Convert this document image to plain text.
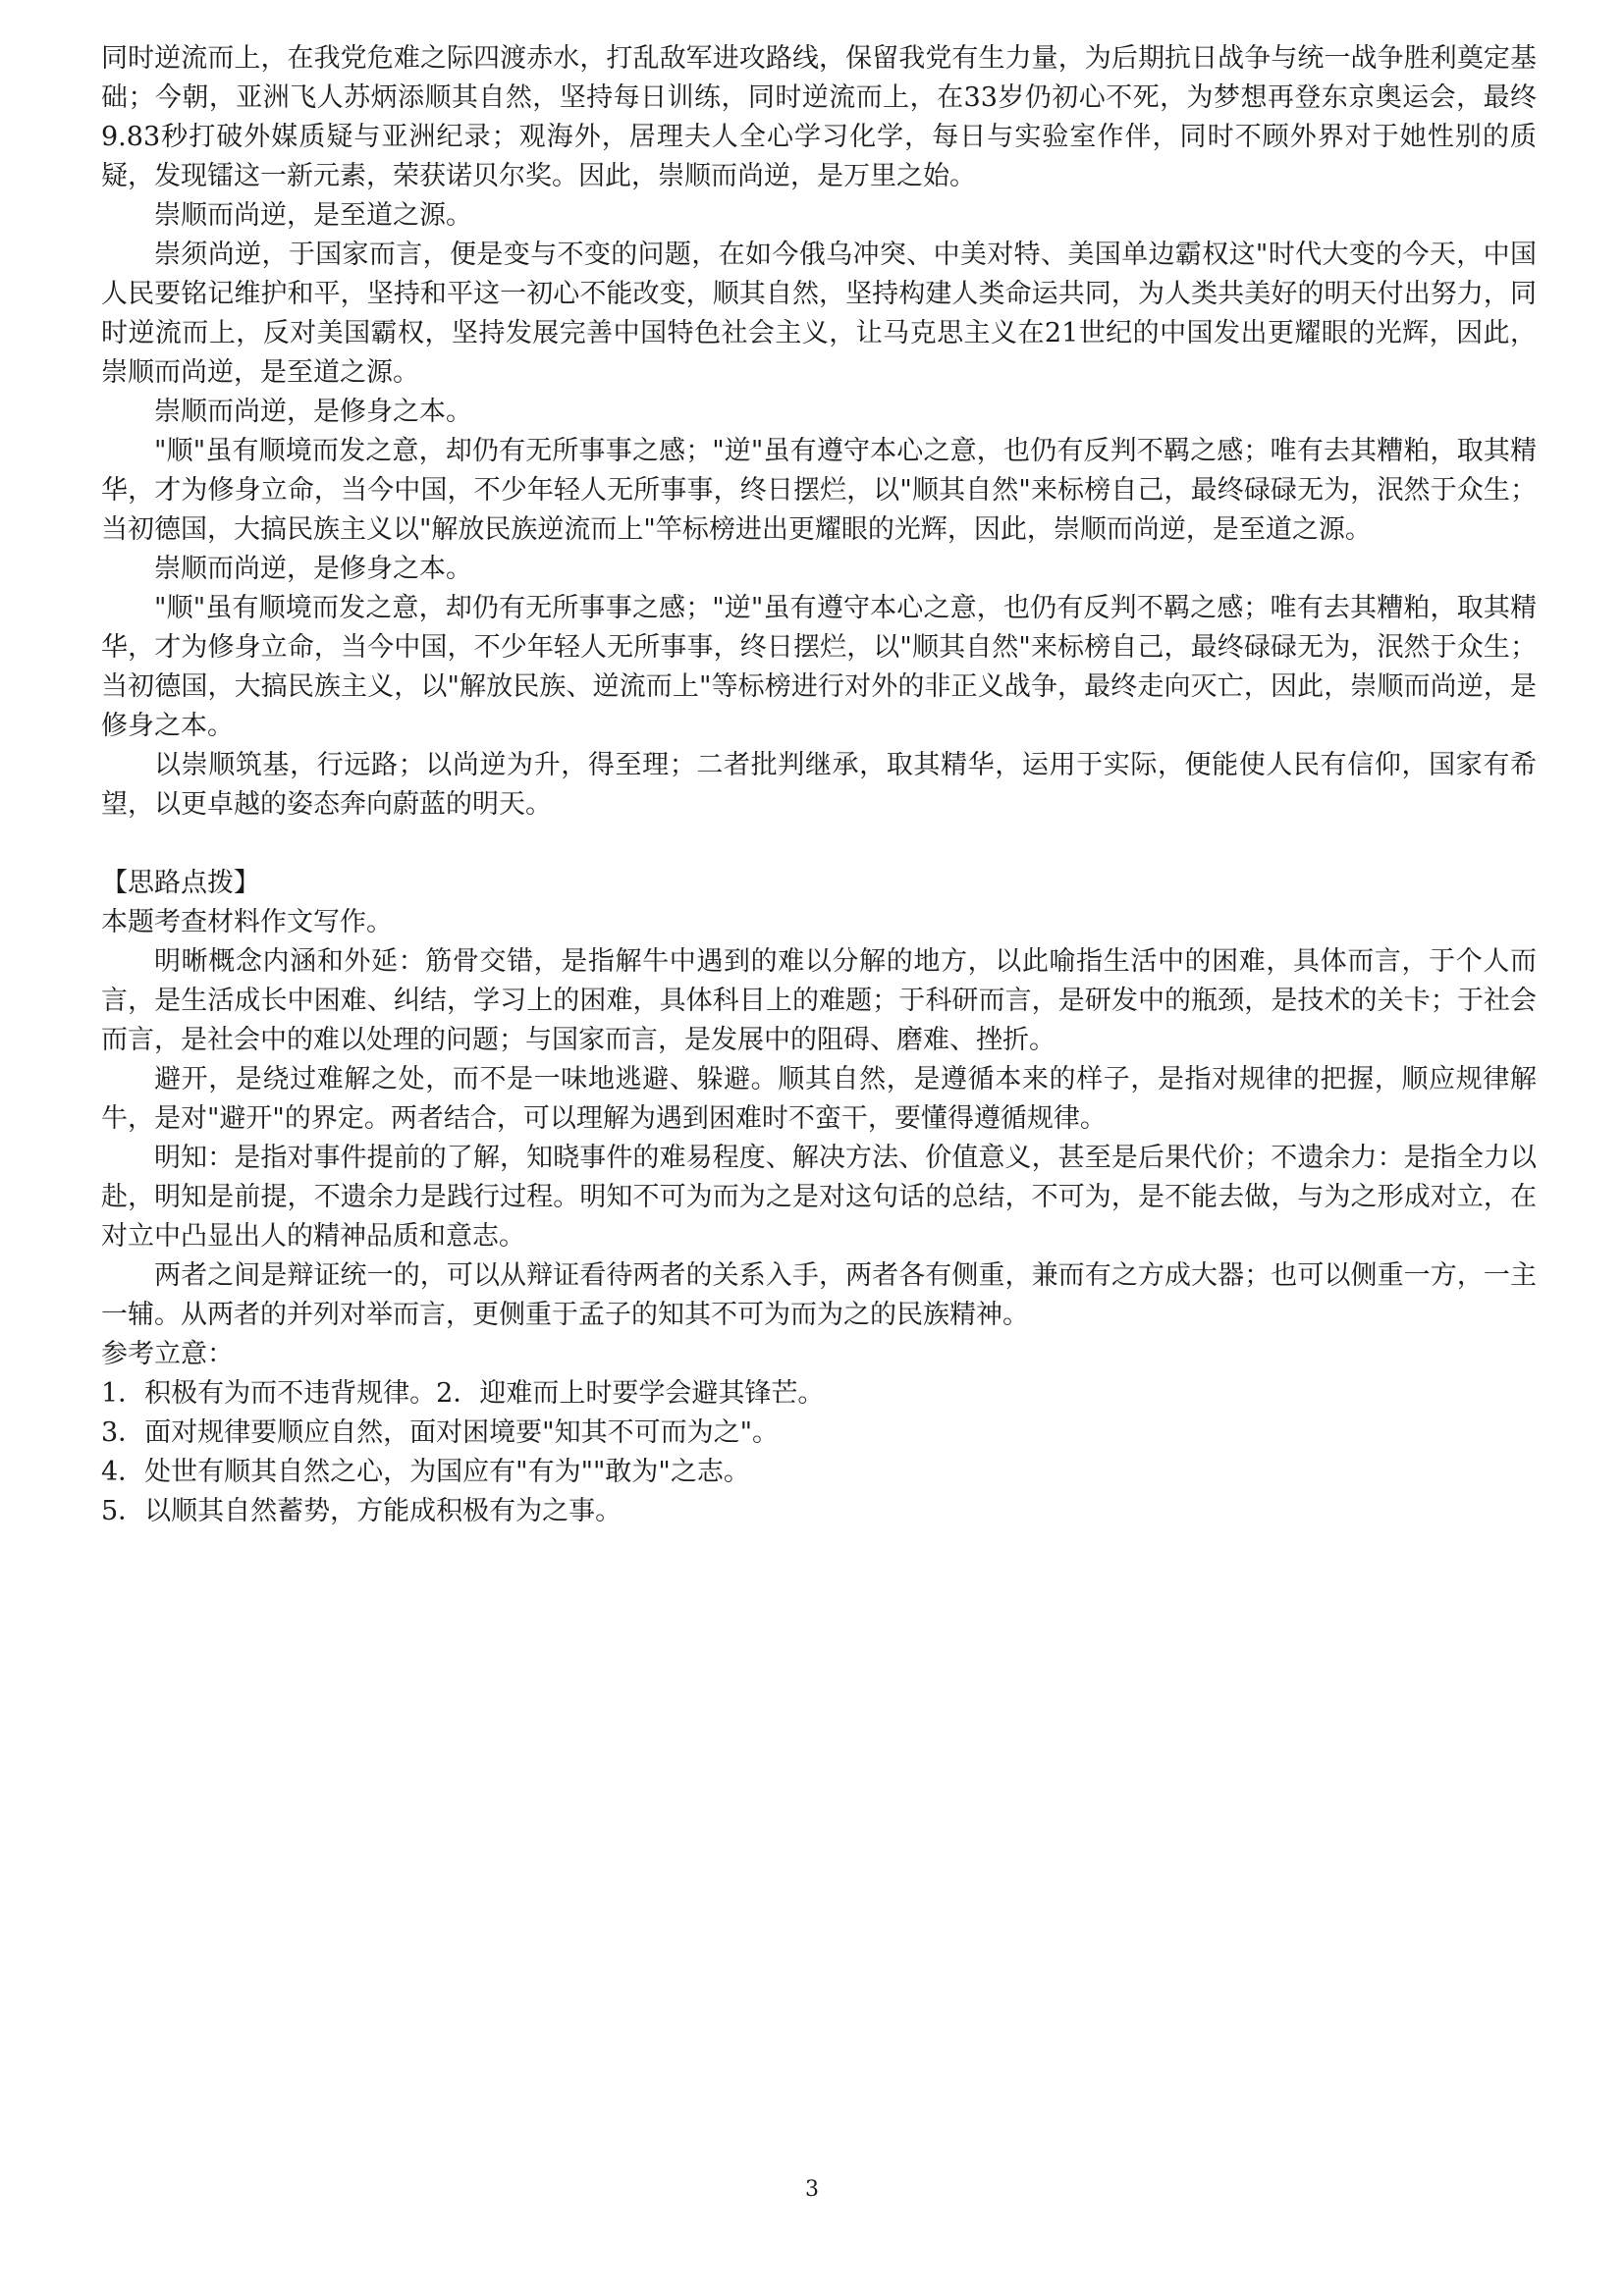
同时逆流而上，在我党危难之际四渡赤水，打乱敌军进攻路线，保留我党有生力量，为后期抗日战争与统一战争胜利奠定基础；今朝，亚洲飞人苏炳添顺其自然，坚持每日训练，同时逆流而上，在33岁仍初心不死，为梦想再登东京奥运会，最终9.83秒打破外媒质疑与亚洲纪录；观海外，居理夫人全心学习化学，每日与实验室作伴，同时不顾外界对于她性别的质疑，发现镭这一新元素，荣获诺贝尔奖。因此，崇顺而尚逆，是万里之始。

崇顺而尚逆，是至道之源。

崇须尚逆，于国家而言，便是变与不变的问题，在如今俄乌冲突、中美对特、美国单边霸权这"时代大变的今天，中国人民要铭记维护和平，坚持和平这一初心不能改变，顺其自然，坚持构建人类命运共同，为人类共美好的明天付出努力，同时逆流而上，反对美国霸权，坚持发展完善中国特色社会主义，让马克思主义在21世纪的中国发出更耀眼的光辉，因此，崇顺而尚逆，是至道之源。

崇顺而尚逆，是修身之本。

"顺"虽有顺境而发之意，却仍有无所事事之感；"逆"虽有遵守本心之意，也仍有反判不羁之感；唯有去其糟粕，取其精华，才为修身立命，当今中国，不少年轻人无所事事，终日摆烂，以"顺其自然"来标榜自己，最终碌碌无为，泯然于众生；当初德国，大搞民族主义以"解放民族逆流而上"竿标榜进出更耀眼的光辉，因此，崇顺而尚逆，是至道之源。

崇顺而尚逆，是修身之本。

"顺"虽有顺境而发之意，却仍有无所事事之感；"逆"虽有遵守本心之意，也仍有反判不羁之感；唯有去其糟粕，取其精华，才为修身立命，当今中国，不少年轻人无所事事，终日摆烂，以"顺其自然"来标榜自己，最终碌碌无为，泯然于众生；当初德国，大搞民族主义，以"解放民族、逆流而上"等标榜进行对外的非正义战争，最终走向灭亡，因此，崇顺而尚逆，是修身之本。

以崇顺筑基，行远路；以尚逆为升，得至理；二者批判继承，取其精华，运用于实际，便能使人民有信仰，国家有希望，以更卓越的姿态奔向蔚蓝的明天。

【思路点拨】

本题考查材料作文写作。

明晰概念内涵和外延：筋骨交错，是指解牛中遇到的难以分解的地方，以此喻指生活中的困难，具体而言，于个人而言，是生活成长中困难、纠结，学习上的困难，具体科目上的难题；于科研而言，是研发中的瓶颈，是技术的关卡；于社会而言，是社会中的难以处理的问题；与国家而言，是发展中的阻碍、磨难、挫折。

避开，是绕过难解之处，而不是一味地逃避、躲避。顺其自然，是遵循本来的样子，是指对规律的把握，顺应规律解牛，是对"避开"的界定。两者结合，可以理解为遇到困难时不蛮干，要懂得遵循规律。

明知：是指对事件提前的了解，知晓事件的难易程度、解决方法、价值意义，甚至是后果代价；不遗余力：是指全力以赴，明知是前提，不遗余力是践行过程。明知不可为而为之是对这句话的总结，不可为，是不能去做，与为之形成对立，在对立中凸显出人的精神品质和意志。

两者之间是辩证统一的，可以从辩证看待两者的关系入手，两者各有侧重，兼而有之方成大器；也可以侧重一方，一主一辅。从两者的并列对举而言，更侧重于孟子的知其不可为而为之的民族精神。

参考立意：

1．积极有为而不违背规律。2．迎难而上时要学会避其锋芒。

3．面对规律要顺应自然，面对困境要"知其不可而为之"。

4．处世有顺其自然之心，为国应有"有为""敢为"之志。

5．以顺其自然蓄势，方能成积极有为之事。

3
